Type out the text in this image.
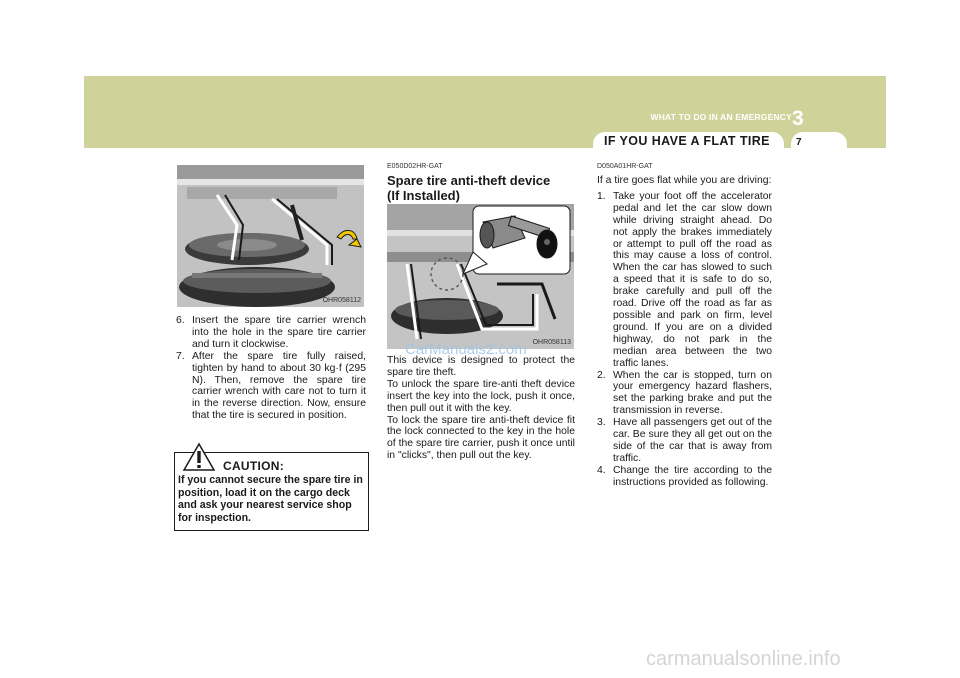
WHAT TO DO IN AN EMERGENCY 3
IF YOU HAVE A FLAT TIRE	7
OHR058112
6. Insert the spare tire carrier wrench into the hole in the spare tire carrier and turn it clockwise.
7. After the spare tire fully raised, tighten by hand to about 30 kg·f (295 N). Then, remove the spare tire carrier wrench with care not to turn it in the reverse direction. Now, ensure that the tire is secured in position.
CAUTION:
If you cannot secure the spare tire in position, load it on the cargo deck and ask your nearest service shop for inspection.
E050D02HR-GAT
Spare tire anti-theft device
(If Installed)
OHR058113
This device is designed to protect the spare tire theft.
To unlock the spare tire-anti theft device insert the key into the lock, push it once, then pull out it with the key.
To lock the spare tire anti-theft device fit the lock connected to the key in the hole of the spare tire carrier, push it once until in "clicks", then pull out the key.
D050A01HR-GAT
If a tire goes flat while you are driving:
1. Take your foot off the accelerator pedal and let the car slow down while driving straight ahead. Do not apply the brakes immediately or attempt to pull off the road as this may cause a loss of control. When the car has slowed to such a speed that it is safe to do so, brake carefully and pull off the road. Drive off the road as far as possible and park on firm, level ground. If you are on a divided highway, do not park in the median area between the two traffic lanes.
2. When the car is stopped, turn on your emergency hazard flashers, set the parking brake and put the transmission in reverse.
3. Have all passengers get out of the car. Be sure they all get out on the side of the car that is away from traffic.
4. Change the tire according to the instructions provided as following.
CarManuals2.com
carmanualsonline.info
